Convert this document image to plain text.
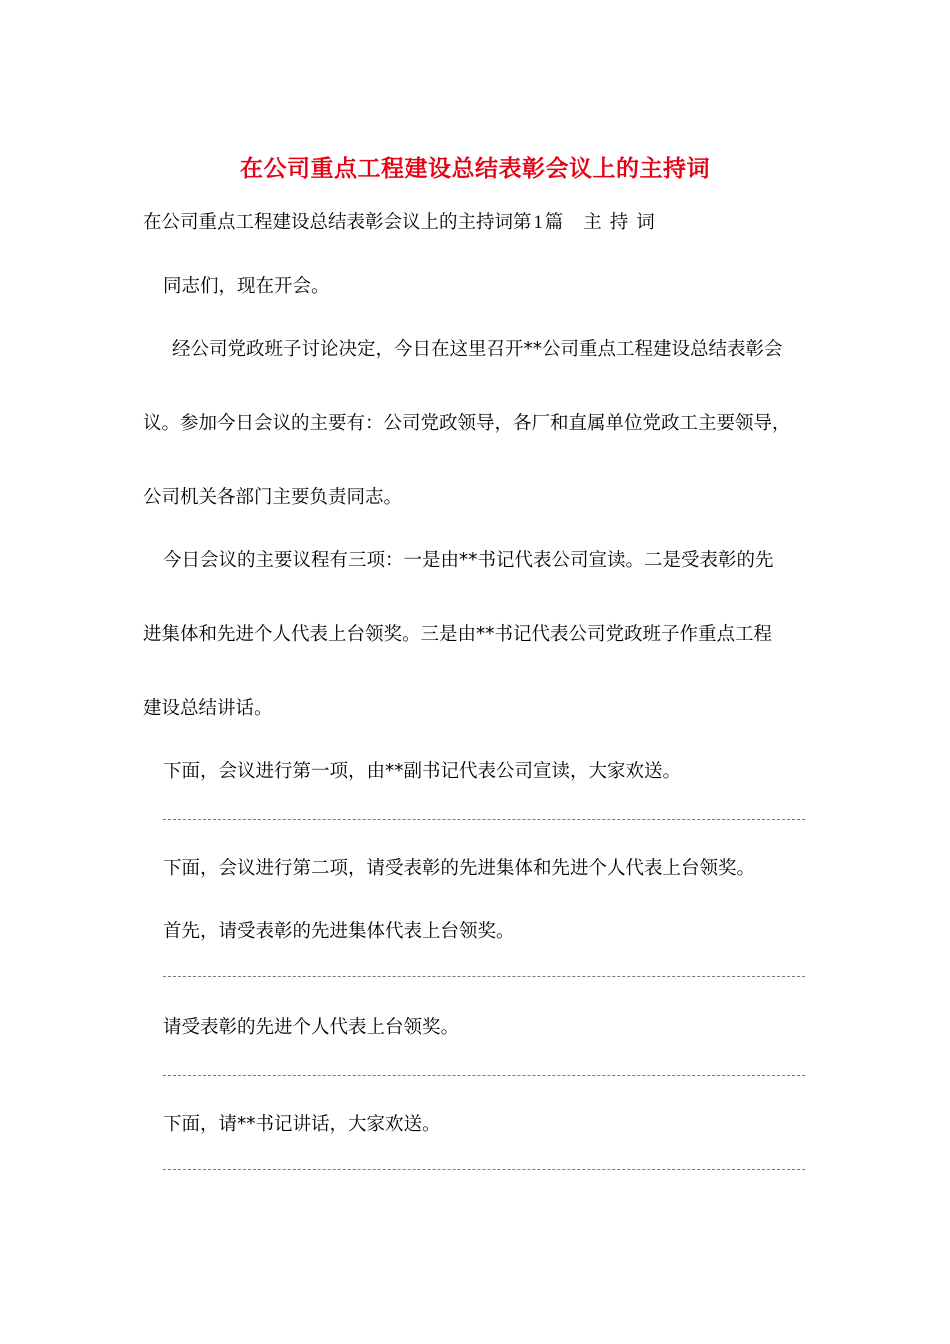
在公司重点工程建设总结表彰会议上的主持词
在公司重点工程建设总结表彰会议上的主持词第 1 篇 主持词
同志们，现在开会。
经公司党政班子讨论决定，今日在这里召开**公司重点工程建设总结表彰会
议。参加今日会议的主要有：公司党政领导，各厂和直属单位党政工主要领导，
公司机关各部门主要负责同志。
今日会议的主要议程有三项：一是由**书记代表公司宣读。二是受表彰的先
进集体和先进个人代表上台领奖。三是由**书记代表公司党政班子作重点工程
建设总结讲话。
下面，会议进行第一项，由**副书记代表公司宣读，大家欢送。
下面，会议进行第二项，请受表彰的先进集体和先进个人代表上台领奖。
首先，请受表彰的先进集体代表上台领奖。
请受表彰的先进个人代表上台领奖。
下面，请**书记讲话，大家欢送。
